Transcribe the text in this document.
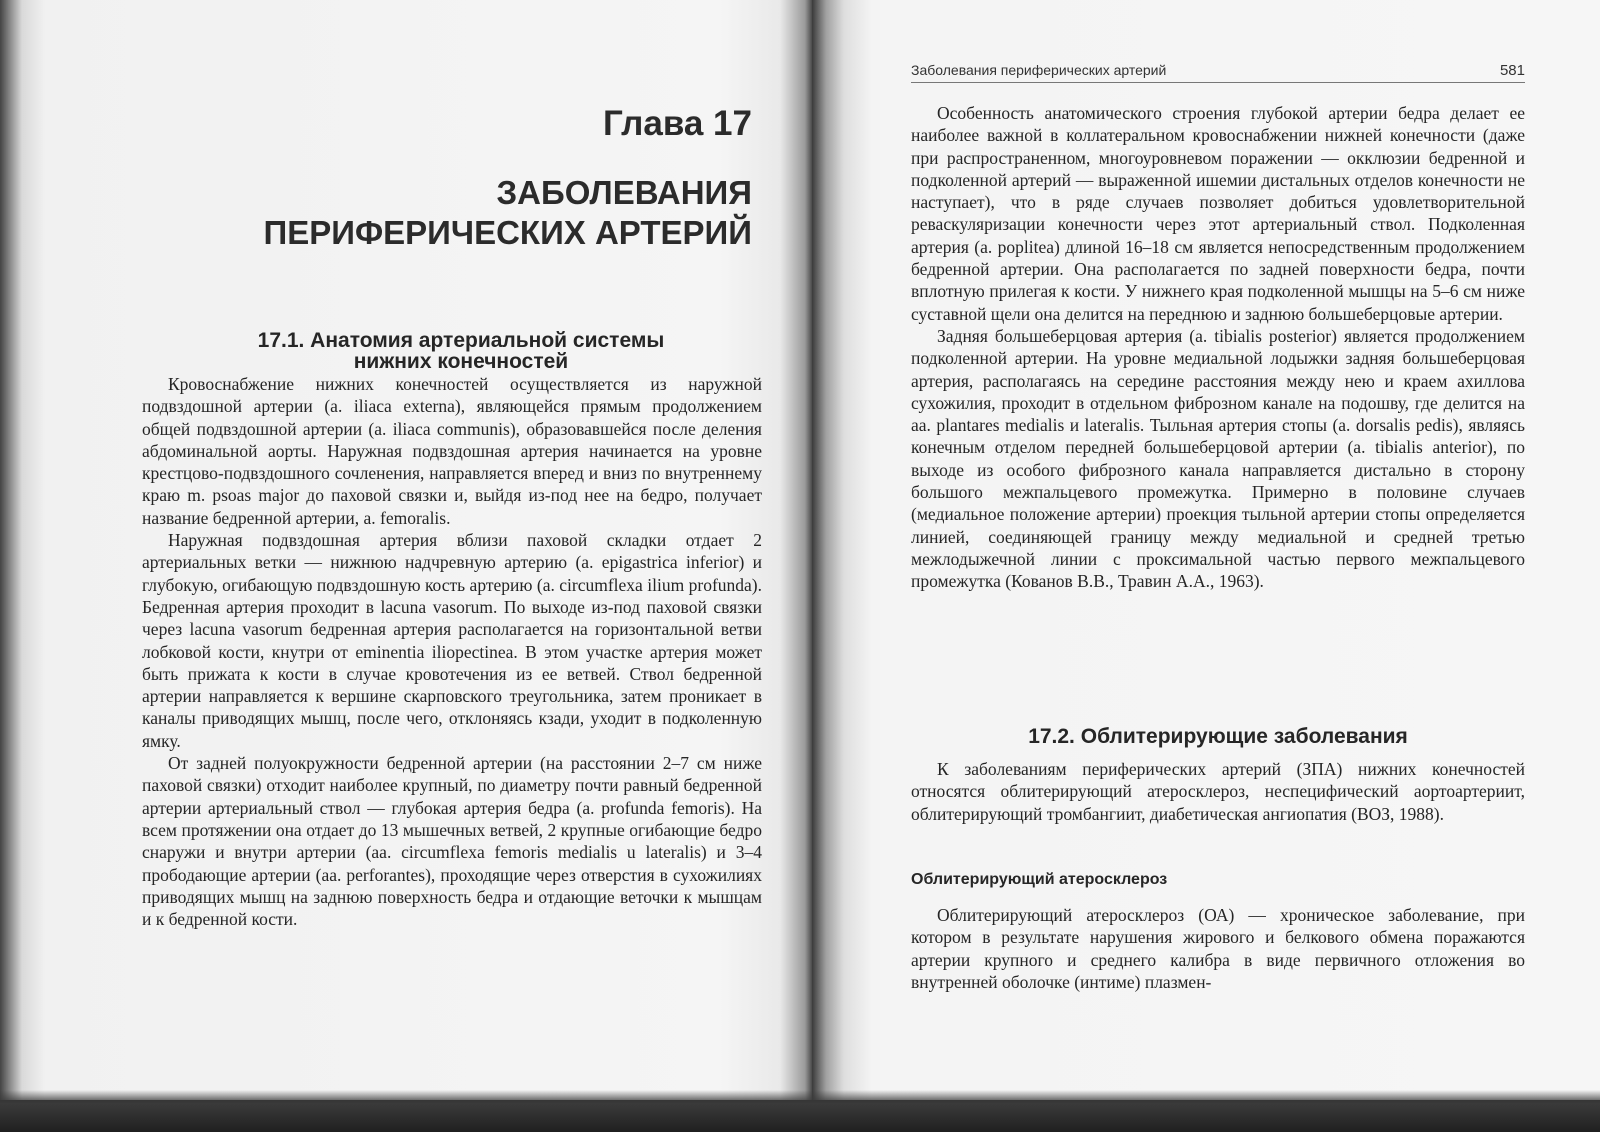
Глава 17
ЗАБОЛЕВАНИЯ ПЕРИФЕРИЧЕСКИХ АРТЕРИЙ
17.1. Анатомия артериальной системы
нижних конечностей

Кровоснабжение нижних конечностей осуществляется из наружной подвздошной артерии (a. iliaca externa), являющейся прямым продолжением общей подвздошной артерии (a. iliaca communis), образовавшейся после деления абдоминальной аорты. Наружная подвздошная артерия начинается на уровне крестцово-подвздошного сочленения, направляется вперед и вниз по внутреннему краю m. psoas major до паховой связки и, выйдя из-под нее на бедро, получает название бедренной артерии, a. femoralis.

Наружная подвздошная артерия вблизи паховой складки отдает 2 артериальных ветки — нижнюю надчревную артерию (a. epigastrica inferior) и глубокую, огибающую подвздошную кость артерию (a. circumflexa ilium profunda). Бедренная артерия проходит в lacuna vasorum. По выходе из-под паховой связки через lacuna vasorum бедренная артерия располагается на горизонтальной ветви лобковой кости, кнутри от eminentia iliopectinea. В этом участке артерия может быть прижата к кости в случае кровотечения из ее ветвей. Ствол бедренной артерии направляется к вершине скарповского треугольника, затем проникает в каналы приводящих мышц, после чего, отклоняясь кзади, уходит в подколенную ямку.

От задней полуокружности бедренной артерии (на расстоянии 2–7 см ниже паховой связки) отходит наиболее крупный, по диаметру почти равный бедренной артерии артериальный ствол — глубокая артерия бедра (a. profunda femoris). На всем протяжении она отдает до 13 мышечных ветвей, 2 крупные огибающие бедро снаружи и внутри артерии (aa. circumflexa femoris medialis u lateralis) и 3–4 прободающие артерии (aa. perforantes), проходящие через отверстия в сухожилиях приводящих мышц на заднюю поверхность бедра и отдающие веточки к мышцам и к бедренной кости.

Заболевания периферических артерий	581

Особенность анатомического строения глубокой артерии бедра делает ее наиболее важной в коллатеральном кровоснабжении нижней конечности (даже при распространенном, многоуровневом поражении — окклюзии бедренной и подколенной артерий — выраженной ишемии дистальных отделов конечности не наступает), что в ряде случаев позволяет добиться удовлетворительной реваскуляризации конечности через этот артериальный ствол. Подколенная артерия (a. poplitea) длиной 16–18 см является непосредственным продолжением бедренной артерии. Она располагается по задней поверхности бедра, почти вплотную прилегая к кости. У нижнего края подколенной мышцы на 5–6 см ниже суставной щели она делится на переднюю и заднюю большеберцовые артерии.

Задняя большеберцовая артерия (a. tibialis posterior) является продолжением подколенной артерии. На уровне медиальной лодыжки задняя большеберцовая артерия, располагаясь на середине расстояния между нею и краем ахиллова сухожилия, проходит в отдельном фиброзном канале на подошву, где делится на aa. plantares medialis и lateralis. Тыльная артерия стопы (a. dorsalis pedis), являясь конечным отделом передней большеберцовой артерии (a. tibialis anterior), по выходе из особого фиброзного канала направляется дистально в сторону большого межпальцевого промежутка. Примерно в половине случаев (медиальное положение артерии) проекция тыльной артерии стопы определяется линией, соединяющей границу между медиальной и средней третью межлодыжечной линии с проксимальной частью первого межпальцевого промежутка (Кованов В.В., Травин А.А., 1963).

17.2. Облитерирующие заболевания

К заболеваниям периферических артерий (ЗПА) нижних конечностей относятся облитерирующий атеросклероз, неспецифический аортоартериит, облитерирующий тромбангиит, диабетическая ангиопатия (ВОЗ, 1988).

Облитерирующий атеросклероз

Облитерирующий атеросклероз (ОА) — хроническое заболевание, при котором в результате нарушения жирового и белкового обмена поражаются артерии крупного и среднего калибра в виде первичного отложения во внутренней оболочке (интиме) плазмен-
